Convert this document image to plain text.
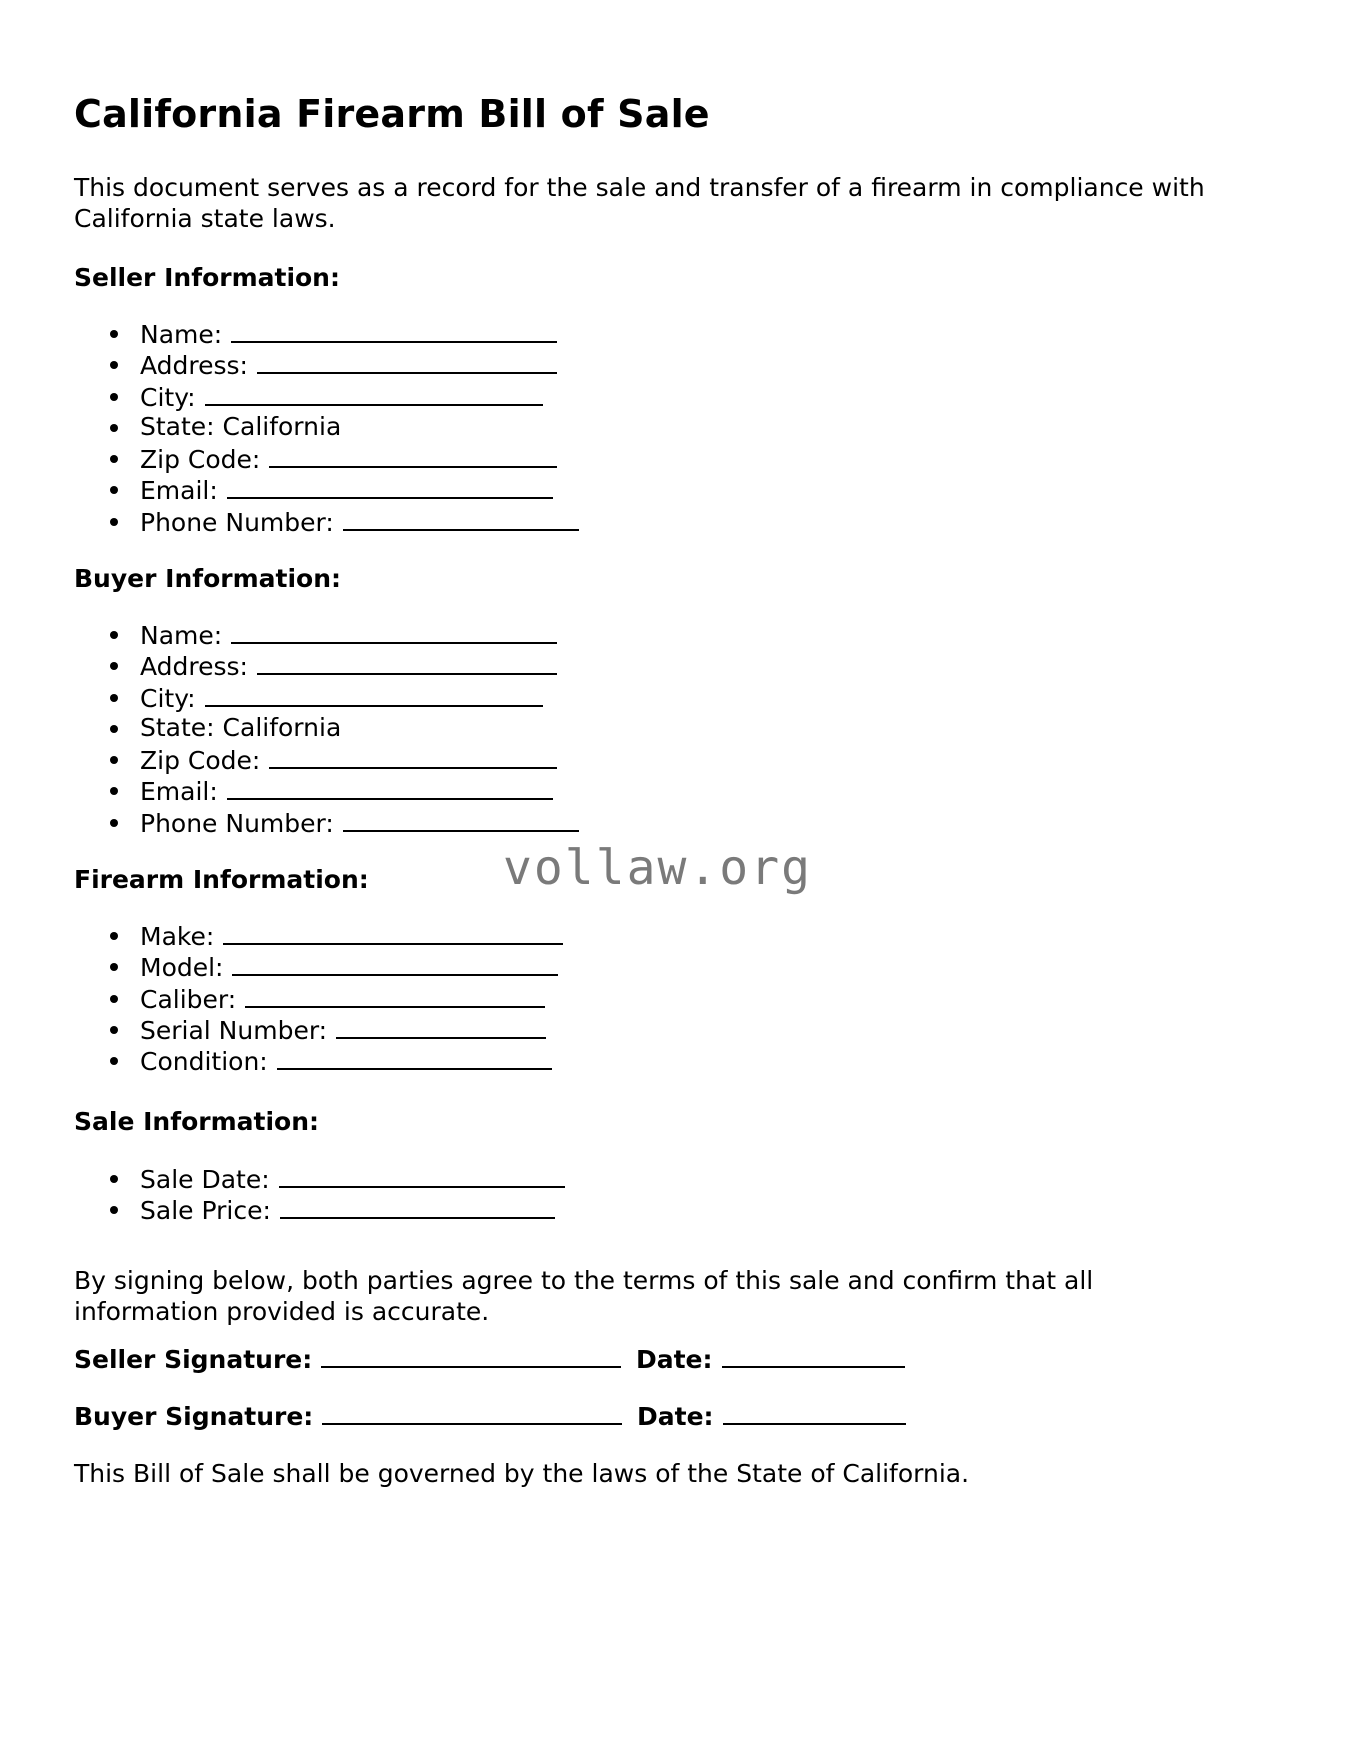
California Firearm Bill of Sale

This document serves as a record for the sale and transfer of a firearm in compliance with California state laws.

Seller Information:
Name:
Address:
City:
State: California
Zip Code:
Email:
Phone Number:
Buyer Information:
Name:
Address:
City:
State: California
Zip Code:
Email:
Phone Number:
Firearm Information:
Make:
Model:
Caliber:
Serial Number:
Condition:
Sale Information:
Sale Date:
Sale Price:

By signing below, both parties agree to the terms of this sale and confirm that all information provided is accurate.

Seller Signature:	Date:
Buyer Signature:	Date:

This Bill of Sale shall be governed by the laws of the State of California.

vollaw.org
